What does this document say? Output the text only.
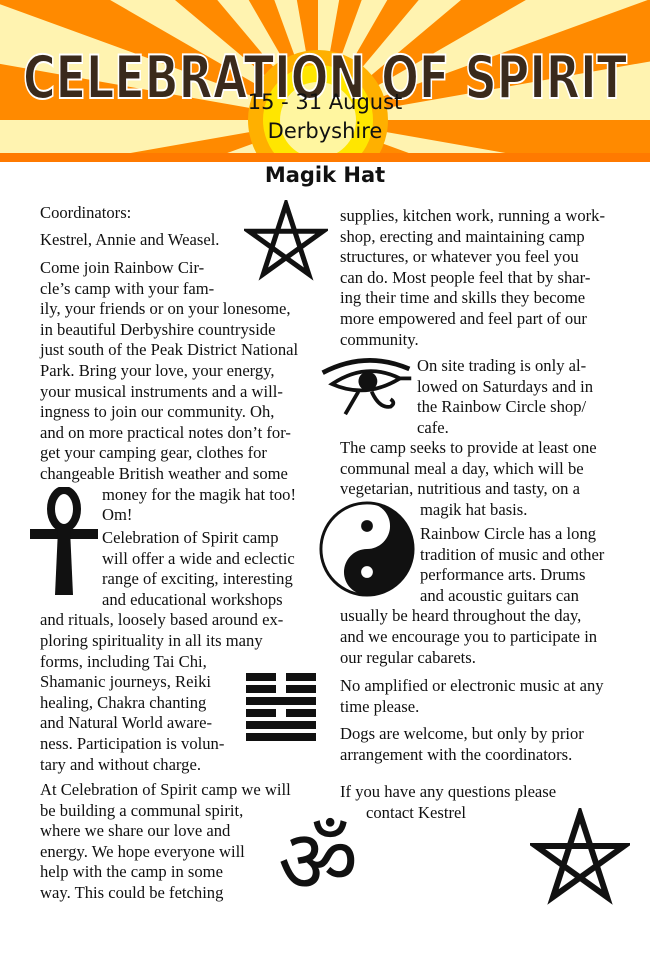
CELEBRATION OF SPIRIT
15 - 31 August
Derbyshire
Magik Hat
ॐ
Coordinators:
Kestrel, Annie and Weasel.
Come join Rainbow Cir-
cle’s camp with your fam-
ily, your friends or on your lonesome,
in beautiful Derbyshire countryside
just south of the Peak District National
Park. Bring your love, your energy,
your musical instruments and a will-
ingness to join our community. Oh,
and on more practical notes don’t for-
get your camping gear, clothes for
changeable British weather and some
money for the magik hat too!
Om!
Celebration of Spirit camp
will offer a wide and eclectic
range of exciting, interesting
and educational workshops
and rituals, loosely based around ex-
ploring spirituality in all its many
forms, including Tai Chi,
Shamanic journeys, Reiki
healing, Chakra chanting
and Natural World aware-
ness. Participation is volun-
tary and without charge.
At Celebration of Spirit camp we will
be building a communal spirit,
where we share our love and
energy. We hope everyone will
help with the camp in some
way. This could be fetching
supplies, kitchen work, running a work-
shop, erecting and maintaining camp
structures, or whatever you feel you
can do. Most people feel that by shar-
ing their time and skills they become
more empowered and feel part of our
community.
On site trading is only al-
lowed on Saturdays and in
the Rainbow Circle shop/
cafe.
The camp seeks to provide at least one
communal meal a day, which will be
vegetarian, nutritious and tasty, on a
magik hat basis.
Rainbow Circle has a long
tradition of music and other
performance arts. Drums
and acoustic guitars can
usually be heard throughout the day,
and we encourage you to participate in
our regular cabarets.
No amplified or electronic music at any
time please.
Dogs are welcome, but only by prior
arrangement with the coordinators.
If you have any questions please
contact Kestrel
